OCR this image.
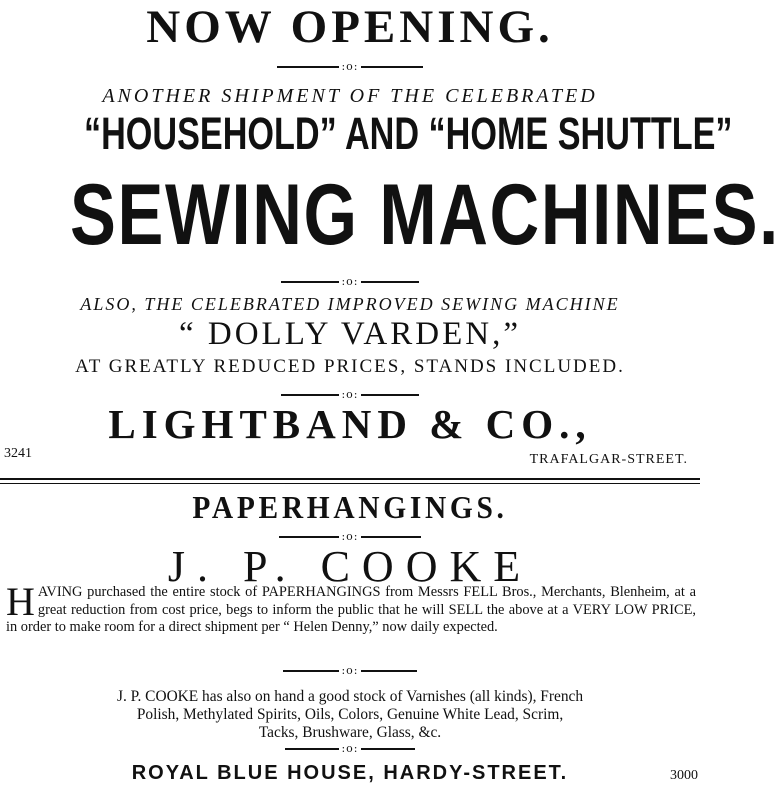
NOW OPENING.
:o:
ANOTHER SHIPMENT OF THE CELEBRATED
“HOUSEHOLD” AND “HOME SHUTTLE”
SEWING MACHINES.
:o:
ALSO, THE CELEBRATED IMPROVED SEWING MACHINE
“ DOLLY VARDEN,”
AT GREATLY REDUCED PRICES, STANDS INCLUDED.
:o:
LIGHTBAND & CO.,
3241	TRAFALGAR-STREET.
PAPERHANGINGS.
:o:
J. P. COOKE
HAVING purchased the entire stock of PAPERHANGINGS from Messrs FELL Bros., Merchants, Blenheim, at a great reduction from cost price, begs to inform the public that he will SELL the above at a VERY LOW PRICE, in order to make room for a direct shipment per “ Helen Denny,” now daily expected.
:o:
J. P. COOKE has also on hand a good stock of Varnishes (all kinds), French
Polish, Methylated Spirits, Oils, Colors, Genuine White Lead, Scrim,
Tacks, Brushware, Glass, &c.
:o:
ROYAL BLUE HOUSE, HARDY-STREET.	3000
